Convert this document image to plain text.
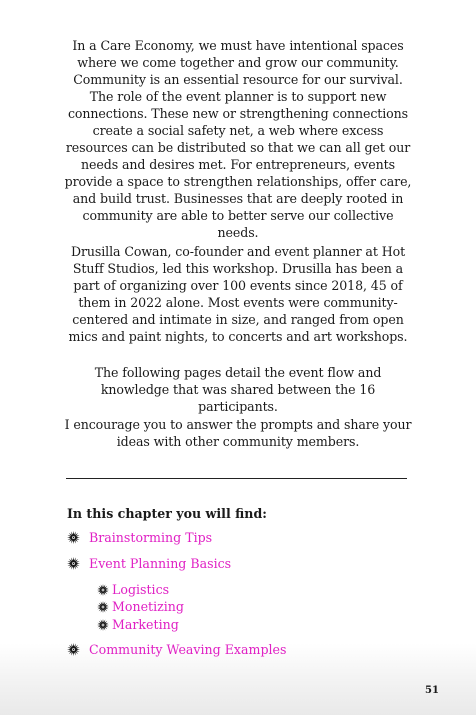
In a Care Economy, we must have intentional spaces where we come together and grow our community. Community is an essential resource for our survival. The role of the event planner is to support new connections. These new or strengthening connections create a social safety net, a web where excess resources can be distributed so that we can all get our needs and desires met. For entrepreneurs, events provide a space to strengthen relationships, offer care, and build trust. Businesses that are deeply rooted in community are able to better serve our collective needs.

Drusilla Cowan, co-founder and event planner at Hot Stuff Studios, led this workshop. Drusilla has been a part of organizing over 100 events since 2018, 45 of them in 2022 alone. Most events were community-centered and intimate in size, and ranged from open mics and paint nights, to concerts and art workshops.

The following pages detail the event flow and knowledge that was shared between the 16 participants.

I encourage you to answer the prompts and share your ideas with other community members.

In this chapter you will find:

Brainstorming Tips
Event Planning Basics
Logistics
Monetizing
Marketing
Community Weaving Examples
51
